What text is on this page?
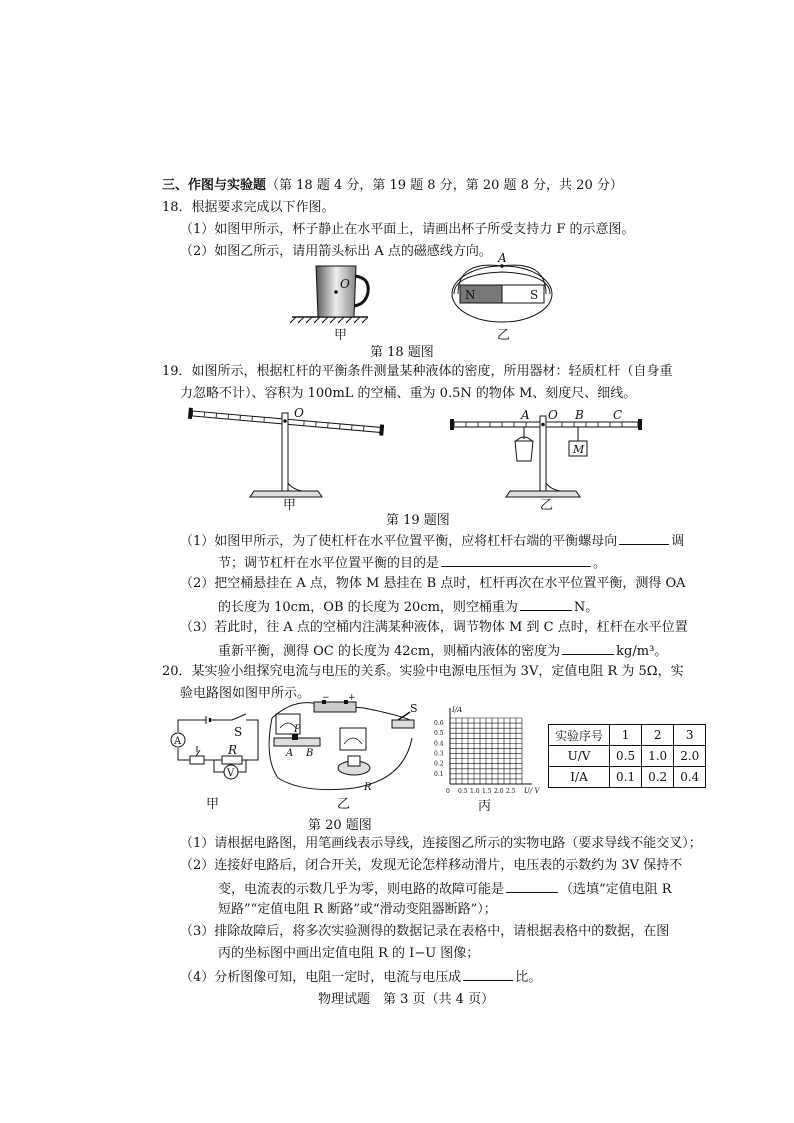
三、作图与实验题（第 18 题 4 分，第 19 题 8 分，第 20 题 8 分，共 20 分）
18．根据要求完成以下作图。
（1）如图甲所示，杯子静止在水平面上，请画出杯子所受支持力 F 的示意图。
（2）如图乙所示，请用箭头标出 A 点的磁感线方向。
O
甲
N	S
A
乙
第 18 题图
19．如图所示，根据杠杆的平衡条件测量某种液体的密度，所用器材：轻质杠杆（自身重
力忽略不计）、容积为 100mL 的空桶、重为 0.5N 的物体 M、刻度尺、细线。
O
甲
A O B C
M
乙
第 19 题图
（1）如图甲所示，为了使杠杆在水平位置平衡，应将杠杆右端的平衡螺母向	调
节；调节杠杆在水平位置平衡的目的是	。
（2）把空桶悬挂在 A 点，物体 M 悬挂在 B 点时，杠杆再次在水平位置平衡，测得 OA
的长度为 10cm，OB 的长度为 20cm，则空桶重为	N。
（3）若此时，往 A 点的空桶内注满某种液体，调节物体 M 到 C 点时，杠杆在水平位置
重新平衡，测得 OC 的长度为 42cm，则桶内液体的密度为	kg/m³。
20．某实验小组探究电流与电压的关系。实验中电源电压恒为 3V，定值电阻 R 为 5Ω，实
验电路图如图甲所示。
A
V
S
R
甲
− +
P
A B
R
S
乙
0 0.5 1.0 1.5 2.0 2.5
0.1
0.2
0.3
0.4
0.5
0.6
I/A
U/ V
丙
实验序号	1	2	3
U/V	0.5	1.0	2.0
I/A	0.1	0.2	0.4
第 20 题图
（1）请根据电路图，用笔画线表示导线，连接图乙所示的实物电路（要求导线不能交叉）；
（2）连接好电路后，闭合开关，发现无论怎样移动滑片，电压表的示数约为 3V 保持不
变，电流表的示数几乎为零，则电路的故障可能是	（选填“定值电阻 R
短路”“定值电阻 R 断路”或“滑动变阻器断路”）；
（3）排除故障后，将多次实验测得的数据记录在表格中，请根据表格中的数据，在图
丙的坐标图中画出定值电阻 R 的 I−U 图像；
（4）分析图像可知，电阻一定时，电流与电压成	比。
物理试题　第 3 页（共 4 页）
